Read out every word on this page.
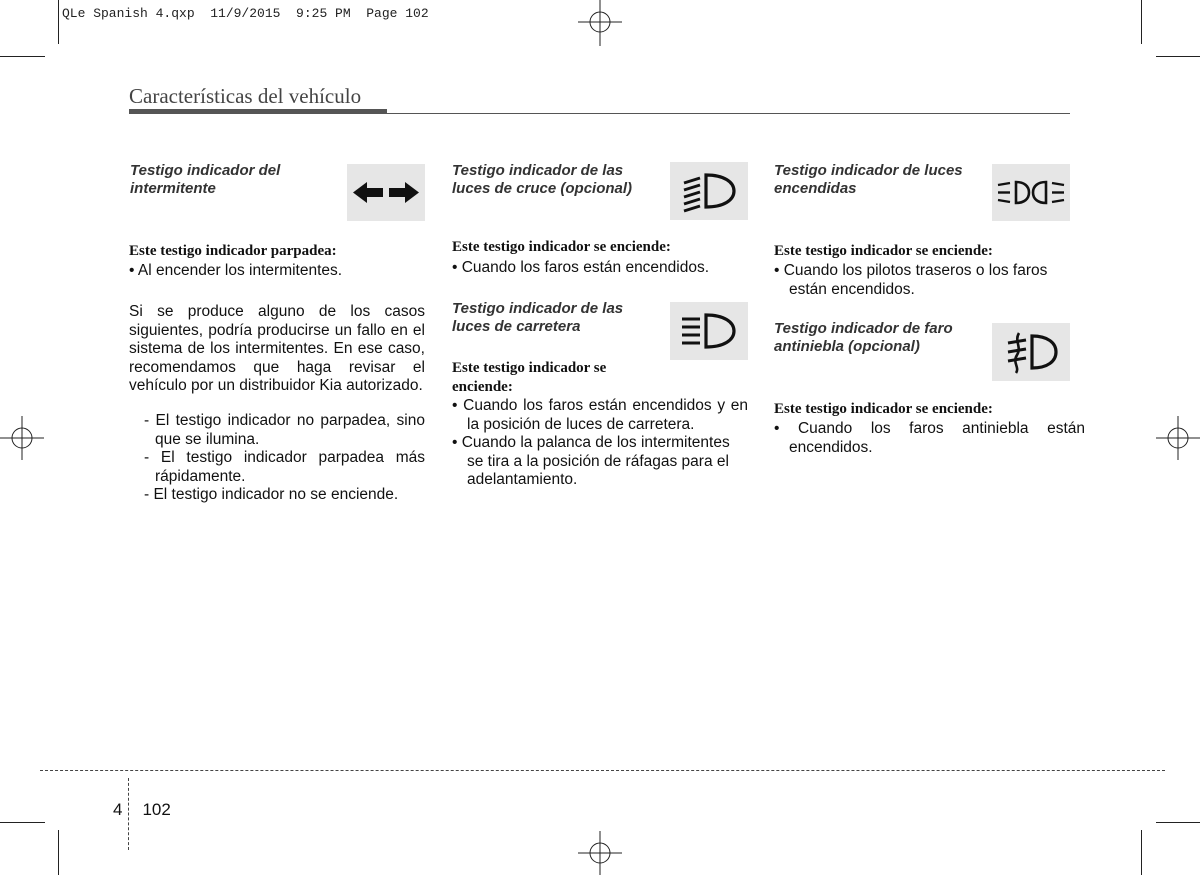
QLe Spanish 4.qxp  11/9/2015  9:25 PM  Page 102
Características del vehículo
Testigo indicador del intermitente
Este testigo indicador parpadea:
• Al encender los intermitentes.
Si se produce alguno de los casos siguientes, podría producirse un fallo en el sistema de los intermitentes. En ese caso, recomendamos que haga revisar el vehículo por un distribuidor Kia autorizado.
- El testigo indicador no parpadea, sino que se ilumina.
- El testigo indicador parpadea más rápidamente.
- El testigo indicador no se enciende.
Testigo indicador de las luces de cruce (opcional)
Este testigo indicador se enciende:
• Cuando los faros están encendidos.
Testigo indicador de las luces de carretera
Este testigo indicador se enciende:
• Cuando los faros están encendidos y en la posición de luces de carretera.
• Cuando la palanca de los intermitentes se tira a la posición de ráfagas para el adelantamiento.
Testigo indicador de luces encendidas
Este testigo indicador se enciende:
• Cuando los pilotos traseros o los faros están encendidos.
Testigo indicador de faro antiniebla (opcional)
Este testigo indicador se enciende:
• Cuando los faros antiniebla están encendidos.
4 102
